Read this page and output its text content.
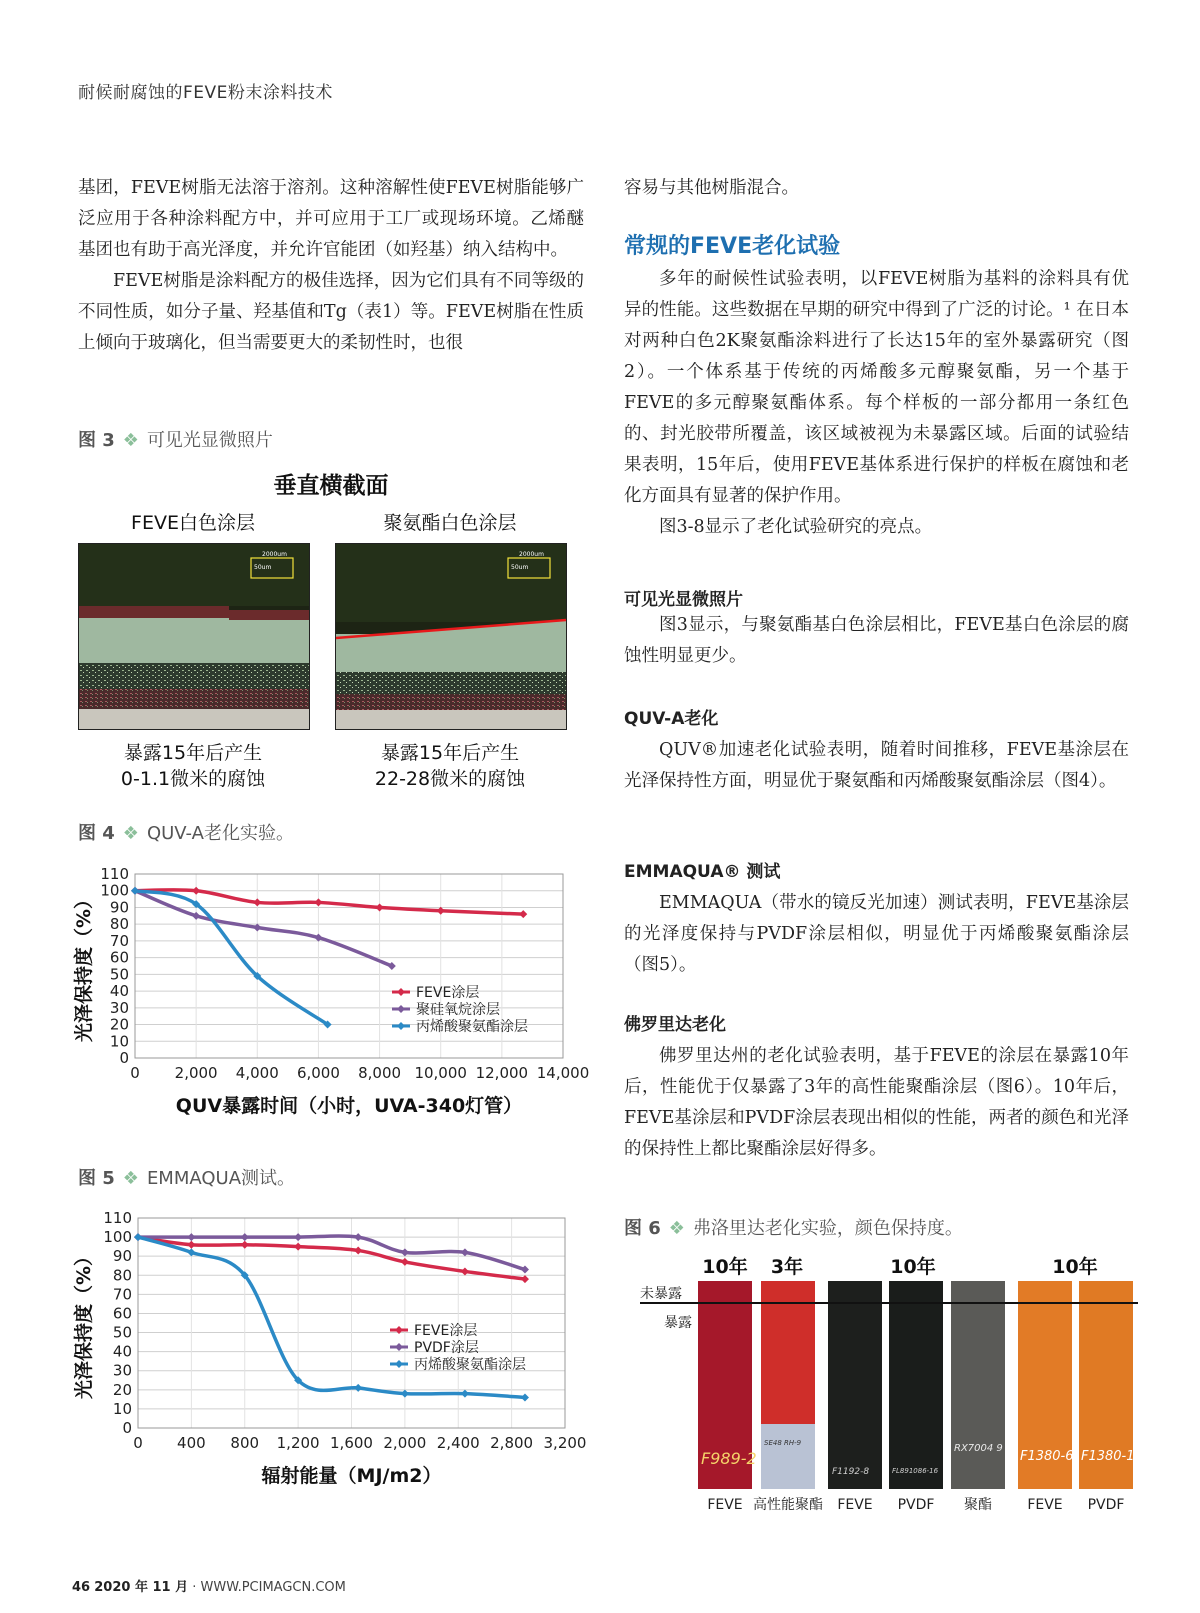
耐候耐腐蚀的FEVE粉末涂料技术

基团，FEVE树脂无法溶于溶剂。这种溶解性使FEVE树脂能够广泛应用于各种涂料配方中，并可应用于工厂或现场环境。乙烯醚基团也有助于高光泽度，并允许官能团（如羟基）纳入结构中。

FEVE树脂是涂料配方的极佳选择，因为它们具有不同等级的不同性质，如分子量、羟基值和Tg（表1）等。FEVE树脂在性质上倾向于玻璃化，但当需要更大的柔韧性时，也很

图 3 ❖ 可见光显微照片
垂直横截面
FEVE白色涂层	聚氨酯白色涂层
2000um
50um
2000um
50um
暴露15年后产生
0-1.1微米的腐蚀
暴露15年后产生
22-28微米的腐蚀
图 4 ❖ QUV-A老化实验。
0
10
20
30
40
50
60
70
80
90
100
110
0 2,000 4,000 6,000 8,000 10,000 12,000 14,000
光泽保持度（%）
QUV暴露时间（小时，UVA-340灯管）
FEVE涂层
聚硅氧烷涂层
丙烯酸聚氨酯涂层
图 5 ❖ EMMAQUA测试。
0
10
20
30
40
50
60
70
80
90
100
110
0 400 800 1,200 1,600 2,000 2,400 2,800 3,200
光泽保持度（%）
辐射能量（MJ/m2）
FEVE涂层
PVDF涂层
丙烯酸聚氨酯涂层

容易与其他树脂混合。

常规的FEVE老化试验

多年的耐候性试验表明，以FEVE树脂为基料的涂料具有优异的性能。这些数据在早期的研究中得到了广泛的讨论。¹ 在日本对两种白色2K聚氨酯涂料进行了长达15年的室外暴露研究（图2）。一个体系基于传统的丙烯酸多元醇聚氨酯，另一个基于FEVE的多元醇聚氨酯体系。每个样板的一部分都用一条红色的、封光胶带所覆盖，该区域被视为未暴露区域。后面的试验结果表明，15年后，使用FEVE基体系进行保护的样板在腐蚀和老化方面具有显著的保护作用。

图3-8显示了老化试验研究的亮点。

可见光显微照片

图3显示，与聚氨酯基白色涂层相比，FEVE基白色涂层的腐蚀性明显更少。

QUV-A老化

QUV®加速老化试验表明，随着时间推移，FEVE基涂层在光泽保持性方面，明显优于聚氨酯和丙烯酸聚氨酯涂层（图4）。

EMMAQUA® 测试

EMMAQUA（带水的镜反光加速）测试表明，FEVE基涂层的光泽度保持与PVDF涂层相似，明显优于丙烯酸聚氨酯涂层（图5）。

佛罗里达老化

佛罗里达州的老化试验表明，基于FEVE的涂层在暴露10年后，性能优于仅暴露了3年的高性能聚酯涂层（图6）。10年后，FEVE基涂层和PVDF涂层表现出相似的性能，两者的颜色和光泽的保持性上都比聚酯涂层好得多。

图 6 ❖ 弗洛里达老化实验，颜色保持度。
10年	3年	10年	10年
未暴露
暴露
F989-2
SE48 RH-9
F1192-8	FL891086-16
RX7004 9
F1380-6 F1380-1
FEVE 高性能聚酯	FEVE	PVDF	聚酯	FEVE	PVDF
46 2020 年 11 月 · WWW.PCIMAGCN.COM
